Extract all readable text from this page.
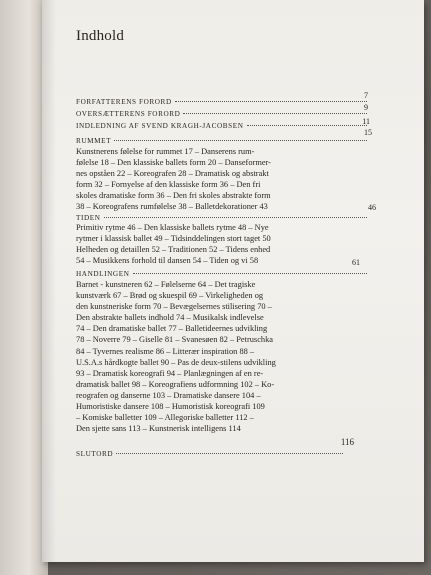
Indhold
FORFATTERENS FORORD
7
OVERSÆTTERENS FORORD
9
INDLEDNING AF SVEND KRAGH-JACOBSEN	11
RUMMET
15
Kunstnerens følelse for rummet 17 – Danserens rum-
følelse 18 – Den klassiske ballets form 20 – Danseformer-
nes opståen 22 – Koreografen 28 – Dramatisk og abstrakt
form 32 – Fornyelse af den klassiske form 36 – Den fri
skoles dramatiske form 36 – Den fri skoles abstrakte form
38 – Koreografens rumfølelse 38 – Balletdekorationer 43
TIDEN
46
Primitiv rytme 46 – Den klassiske ballets rytme 48 – Nye
rytmer i klassisk ballet 49 – Tidsinddelingen stort taget 50
Helheden og detaillen 52 – Traditionen 52 – Tidens enhed
54 – Musikkens forhold til dansen 54 – Tiden og vi 58
HANDLINGEN
61
Barnet - kunstneren 62 – Følelserne 64 – Det tragiske
kunstværk 67 – Brød og skuespil 69 – Virkeligheden og
den kunstneriske form 70 – Bevægelsernes stilisering 70 –
Den abstrakte ballets indhold 74 – Musikalsk indlevelse
74 – Den dramatiske ballet 77 – Balletideernes udvikling
78 – Noverre 79 – Giselle 81 – Svanesøen 82 – Petruschka
84 – Tyvernes realisme 86 – Litterær inspiration 88 –
U.S.A.s hårdkogte ballet 90 – Pas de deux-stilens udvikling
93 – Dramatisk koreografi 94 – Planlægningen af en re-
dramatisk ballet 98 – Koreografiens udformning 102 – Ko-
reografen og danserne 103 – Dramatiske dansere 104 –
Humoristiske dansere 108 – Humoristisk koreografi 109
– Komiske balletter 109 – Allegoriske balletter 112 –
Den sjette sans 113 – Kunstnerisk intelligens 114
SLUTORD
116
